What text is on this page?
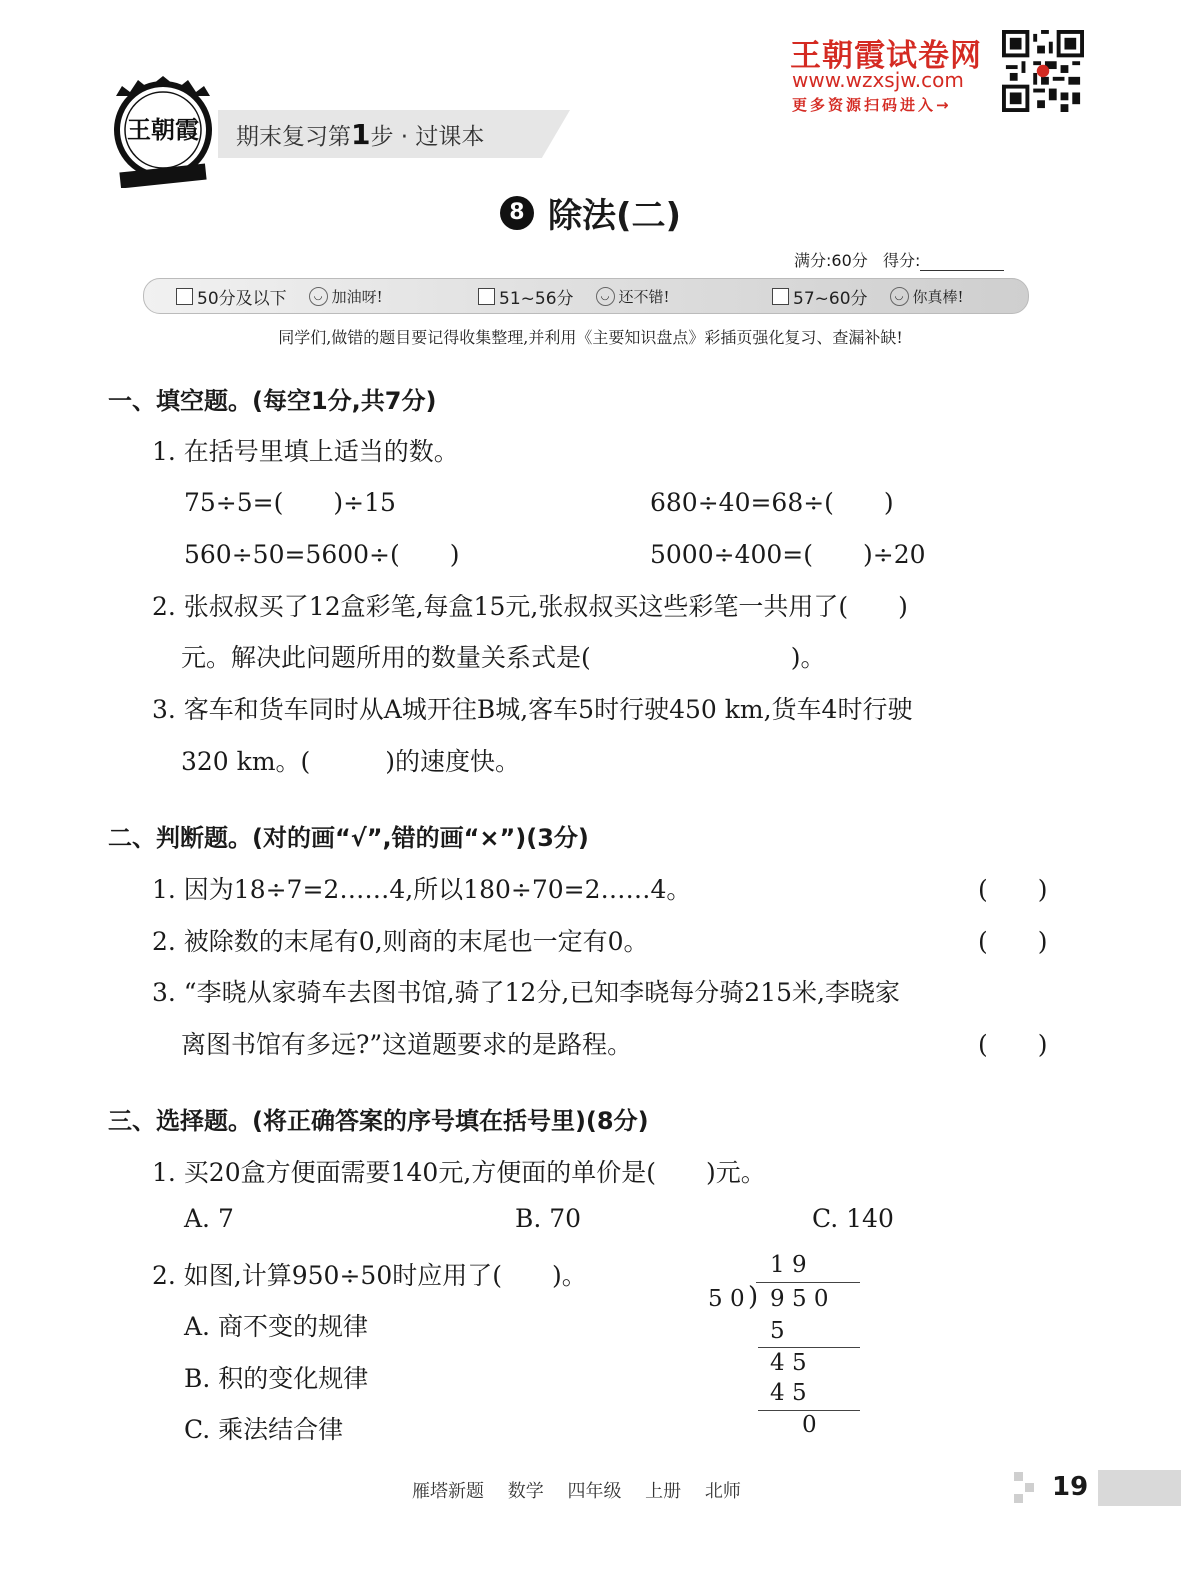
王朝霞 期末复习第1步 · 过课本
王朝霞试卷网
www.wzxsjw.com
更多资源扫码进入→
8 除法(二)
满分:60分 得分:
50分及以下	◡ 加油呀!	51~56分	◡ 还不错!	57~60分	◡ 你真棒!
同学们,做错的题目要记得收集整理,并利用《主要知识盘点》彩插页强化复习、查漏补缺!
一、填空题。(每空1分,共7分)
1. 在括号里填上适当的数。
75÷5=(　　)÷15	680÷40=68÷(　　)
560÷50=5600÷(　　)	5000÷400=(　　)÷20
2. 张叔叔买了12盒彩笔,每盒15元,张叔叔买这些彩笔一共用了(　　)
元。解决此问题所用的数量关系式是(　　　　　　　　)。
3. 客车和货车同时从A城开往B城,客车5时行驶450 km,货车4时行驶
320 km。(　　　)的速度快。
二、判断题。(对的画“√”,错的画“×”)(3分)
1. 因为18÷7=2……4,所以180÷70=2……4。	(　　)
2. 被除数的末尾有0,则商的末尾也一定有0。	(　　)
3. “李晓从家骑车去图书馆,骑了12分,已知李晓每分骑215米,李晓家
离图书馆有多远?”这道题要求的是路程。	(　　)
三、选择题。(将正确答案的序号填在括号里)(8分)
1. 买20盒方便面需要140元,方便面的单价是(　　)元。
A. 7	B. 70	C. 140
2. 如图,计算950÷50时应用了(　　)。
A. 商不变的规律
B. 积的变化规律
C. 乘法结合律
1 9
5 0 ) 9 5 0
5
4 5
4 5
0
雁塔新题 数学 四年级 上册 北师	19
